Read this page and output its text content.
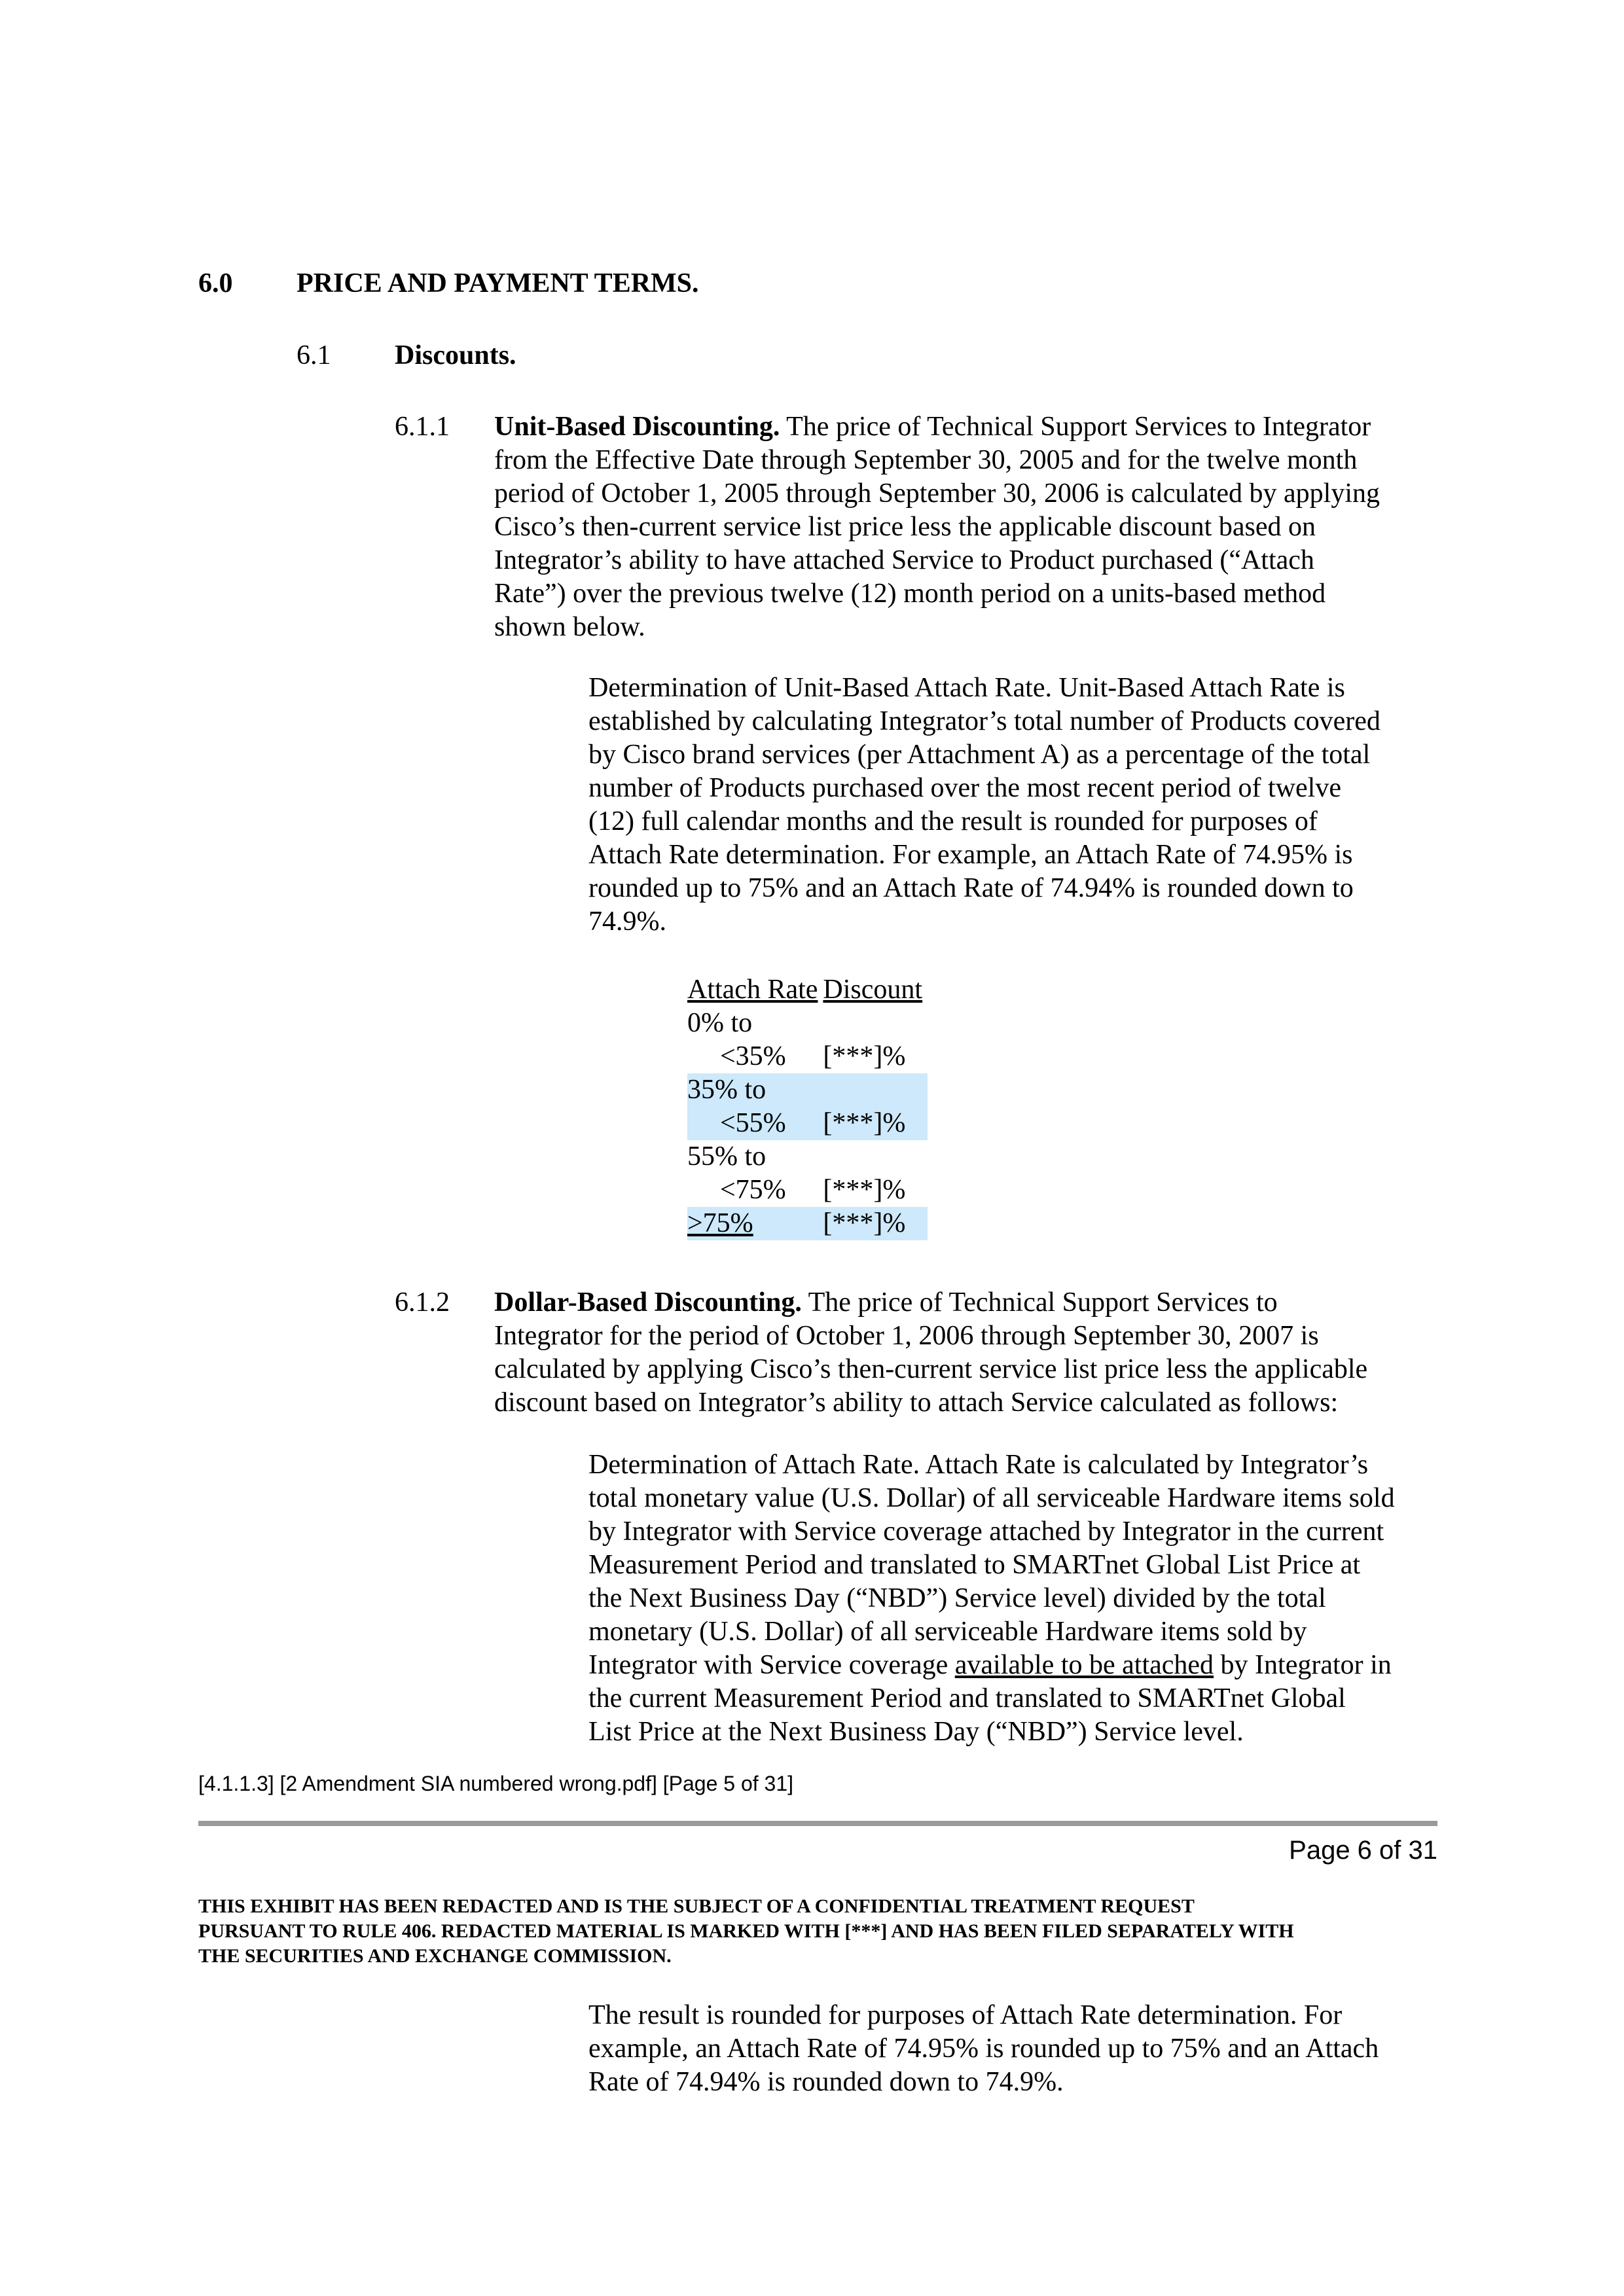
6.0 PRICE AND PAYMENT TERMS.
6.1 Discounts.
6.1.1 Unit-Based Discounting. The price of Technical Support Services to Integrator
from the Effective Date through September 30, 2005 and for the twelve month
period of October 1, 2005 through September 30, 2006 is calculated by applying
Cisco’s then-current service list price less the applicable discount based on
Integrator’s ability to have attached Service to Product purchased (“Attach
Rate”) over the previous twelve (12) month period on a units-based method
shown below.
Determination of Unit-Based Attach Rate. Unit-Based Attach Rate is
established by calculating Integrator’s total number of Products covered
by Cisco brand services (per Attachment A) as a percentage of the total
number of Products purchased over the most recent period of twelve
(12) full calendar months and the result is rounded for purposes of
Attach Rate determination. For example, an Attach Rate of 74.95% is
rounded up to 75% and an Attach Rate of 74.94% is rounded down to
74.9%.
Attach Rate	Discount

0% to
<35%	[***]%

35% to
<55%	[***]%

55% to
<75%	[***]%

>75%	[***]%
6.1.2 Dollar-Based Discounting. The price of Technical Support Services to
Integrator for the period of October 1, 2006 through September 30, 2007 is
calculated by applying Cisco’s then-current service list price less the applicable
discount based on Integrator’s ability to attach Service calculated as follows:
Determination of Attach Rate. Attach Rate is calculated by Integrator’s
total monetary value (U.S. Dollar) of all serviceable Hardware items sold
by Integrator with Service coverage attached by Integrator in the current
Measurement Period and translated to SMARTnet Global List Price at
the Next Business Day (“NBD”) Service level) divided by the total
monetary (U.S. Dollar) of all serviceable Hardware items sold by
Integrator with Service coverage available to be attached by Integrator in
the current Measurement Period and translated to SMARTnet Global
List Price at the Next Business Day (“NBD”) Service level.
[4.1.1.3] [2 Amendment SIA numbered wrong.pdf] [Page 5 of 31]
Page 6 of 31
THIS EXHIBIT HAS BEEN REDACTED AND IS THE SUBJECT OF A CONFIDENTIAL TREATMENT REQUEST
PURSUANT TO RULE 406. REDACTED MATERIAL IS MARKED WITH [***] AND HAS BEEN FILED SEPARATELY WITH
THE SECURITIES AND EXCHANGE COMMISSION.
The result is rounded for purposes of Attach Rate determination. For
example, an Attach Rate of 74.95% is rounded up to 75% and an Attach
Rate of 74.94% is rounded down to 74.9%.
